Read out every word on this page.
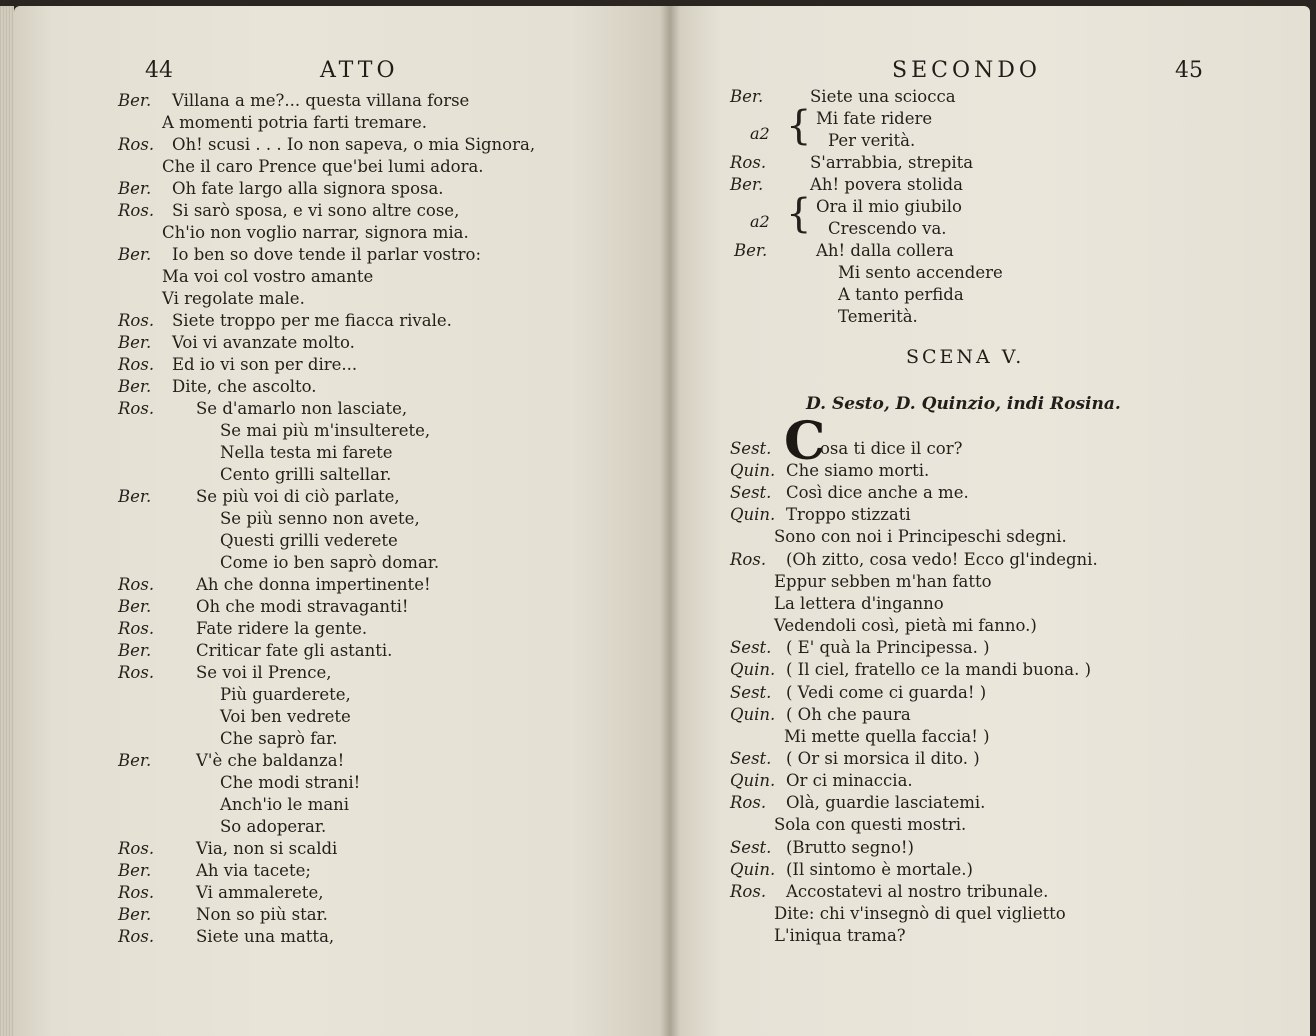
44	ATTO
Ber. Villana a me?... questa villana forse
A momenti potria farti tremare.
Ros. Oh! scusi . . . Io non sapeva, o mia Signora,
Che il caro Prence que'bei lumi adora.
Ber. Oh fate largo alla signora sposa.
Ros. Si sarò sposa, e vi sono altre cose,
Ch'io non voglio narrar, signora mia.
Ber. Io ben so dove tende il parlar vostro:
Ma voi col vostro amante
Vi regolate male.
Ros. Siete troppo per me fiacca rivale.
Ber. Voi vi avanzate molto.
Ros. Ed io vi son per dire...
Ber. Dite, che ascolto.
Ros.	Se d'amarlo non lasciate,
Se mai più m'insulterete,
Nella testa mi farete
Cento grilli saltellar.
Ber.	Se più voi di ciò parlate,
Se più senno non avete,
Questi grilli vederete
Come io ben saprò domar.
Ros.	Ah che donna impertinente!
Ber.	Oh che modi stravaganti!
Ros.	Fate ridere la gente.
Ber.	Criticar fate gli astanti.
Ros.	Se voi il Prence,
Più guarderete,
Voi ben vedrete
Che saprò far.
Ber.	V'è che baldanza!
Che modi strani!
Anch'io le mani
So adoperar.
Ros.	Via, non si scaldi
Ber.	Ah via tacete;
Ros.	Vi ammalerete,
Ber.	Non so più star.
Ros.	Siete una matta,
SECONDO	45
Ber.	Siete una sciocca
a2 { Mi fate ridere
Per verità.
Ros.	S'arrabbia, strepita
Ber.	Ah! povera stolida
a2 { Ora il mio giubilo
Crescendo va.
Ber.	Ah! dalla collera
Mi sento accendere
A tanto perfida
Temerità.
SCENA V.
D. Sesto, D. Quinzio, indi Rosina.
Sest. C
osa ti dice il cor?
Quin. Che siamo morti.
Sest. Così dice anche a me.
Quin. Troppo stizzati
Sono con noi i Principeschi sdegni.
Ros. (Oh zitto, cosa vedo! Ecco gl'indegni.
Eppur sebben m'han fatto
La lettera d'inganno
Vedendoli così, pietà mi fanno.)
Sest. ( E' quà la Principessa. )
Quin. ( Il ciel, fratello ce la mandi buona. )
Sest. ( Vedi come ci guarda! )
Quin. ( Oh che paura
Mi mette quella faccia! )
Sest. ( Or si morsica il dito. )
Quin. Or ci minaccia.
Ros. Olà, guardie lasciatemi.
Sola con questi mostri.
Sest. (Brutto segno!)
Quin. (Il sintomo è mortale.)
Ros. Accostatevi al nostro tribunale.
Dite: chi v'insegnò di quel viglietto
L'iniqua trama?
